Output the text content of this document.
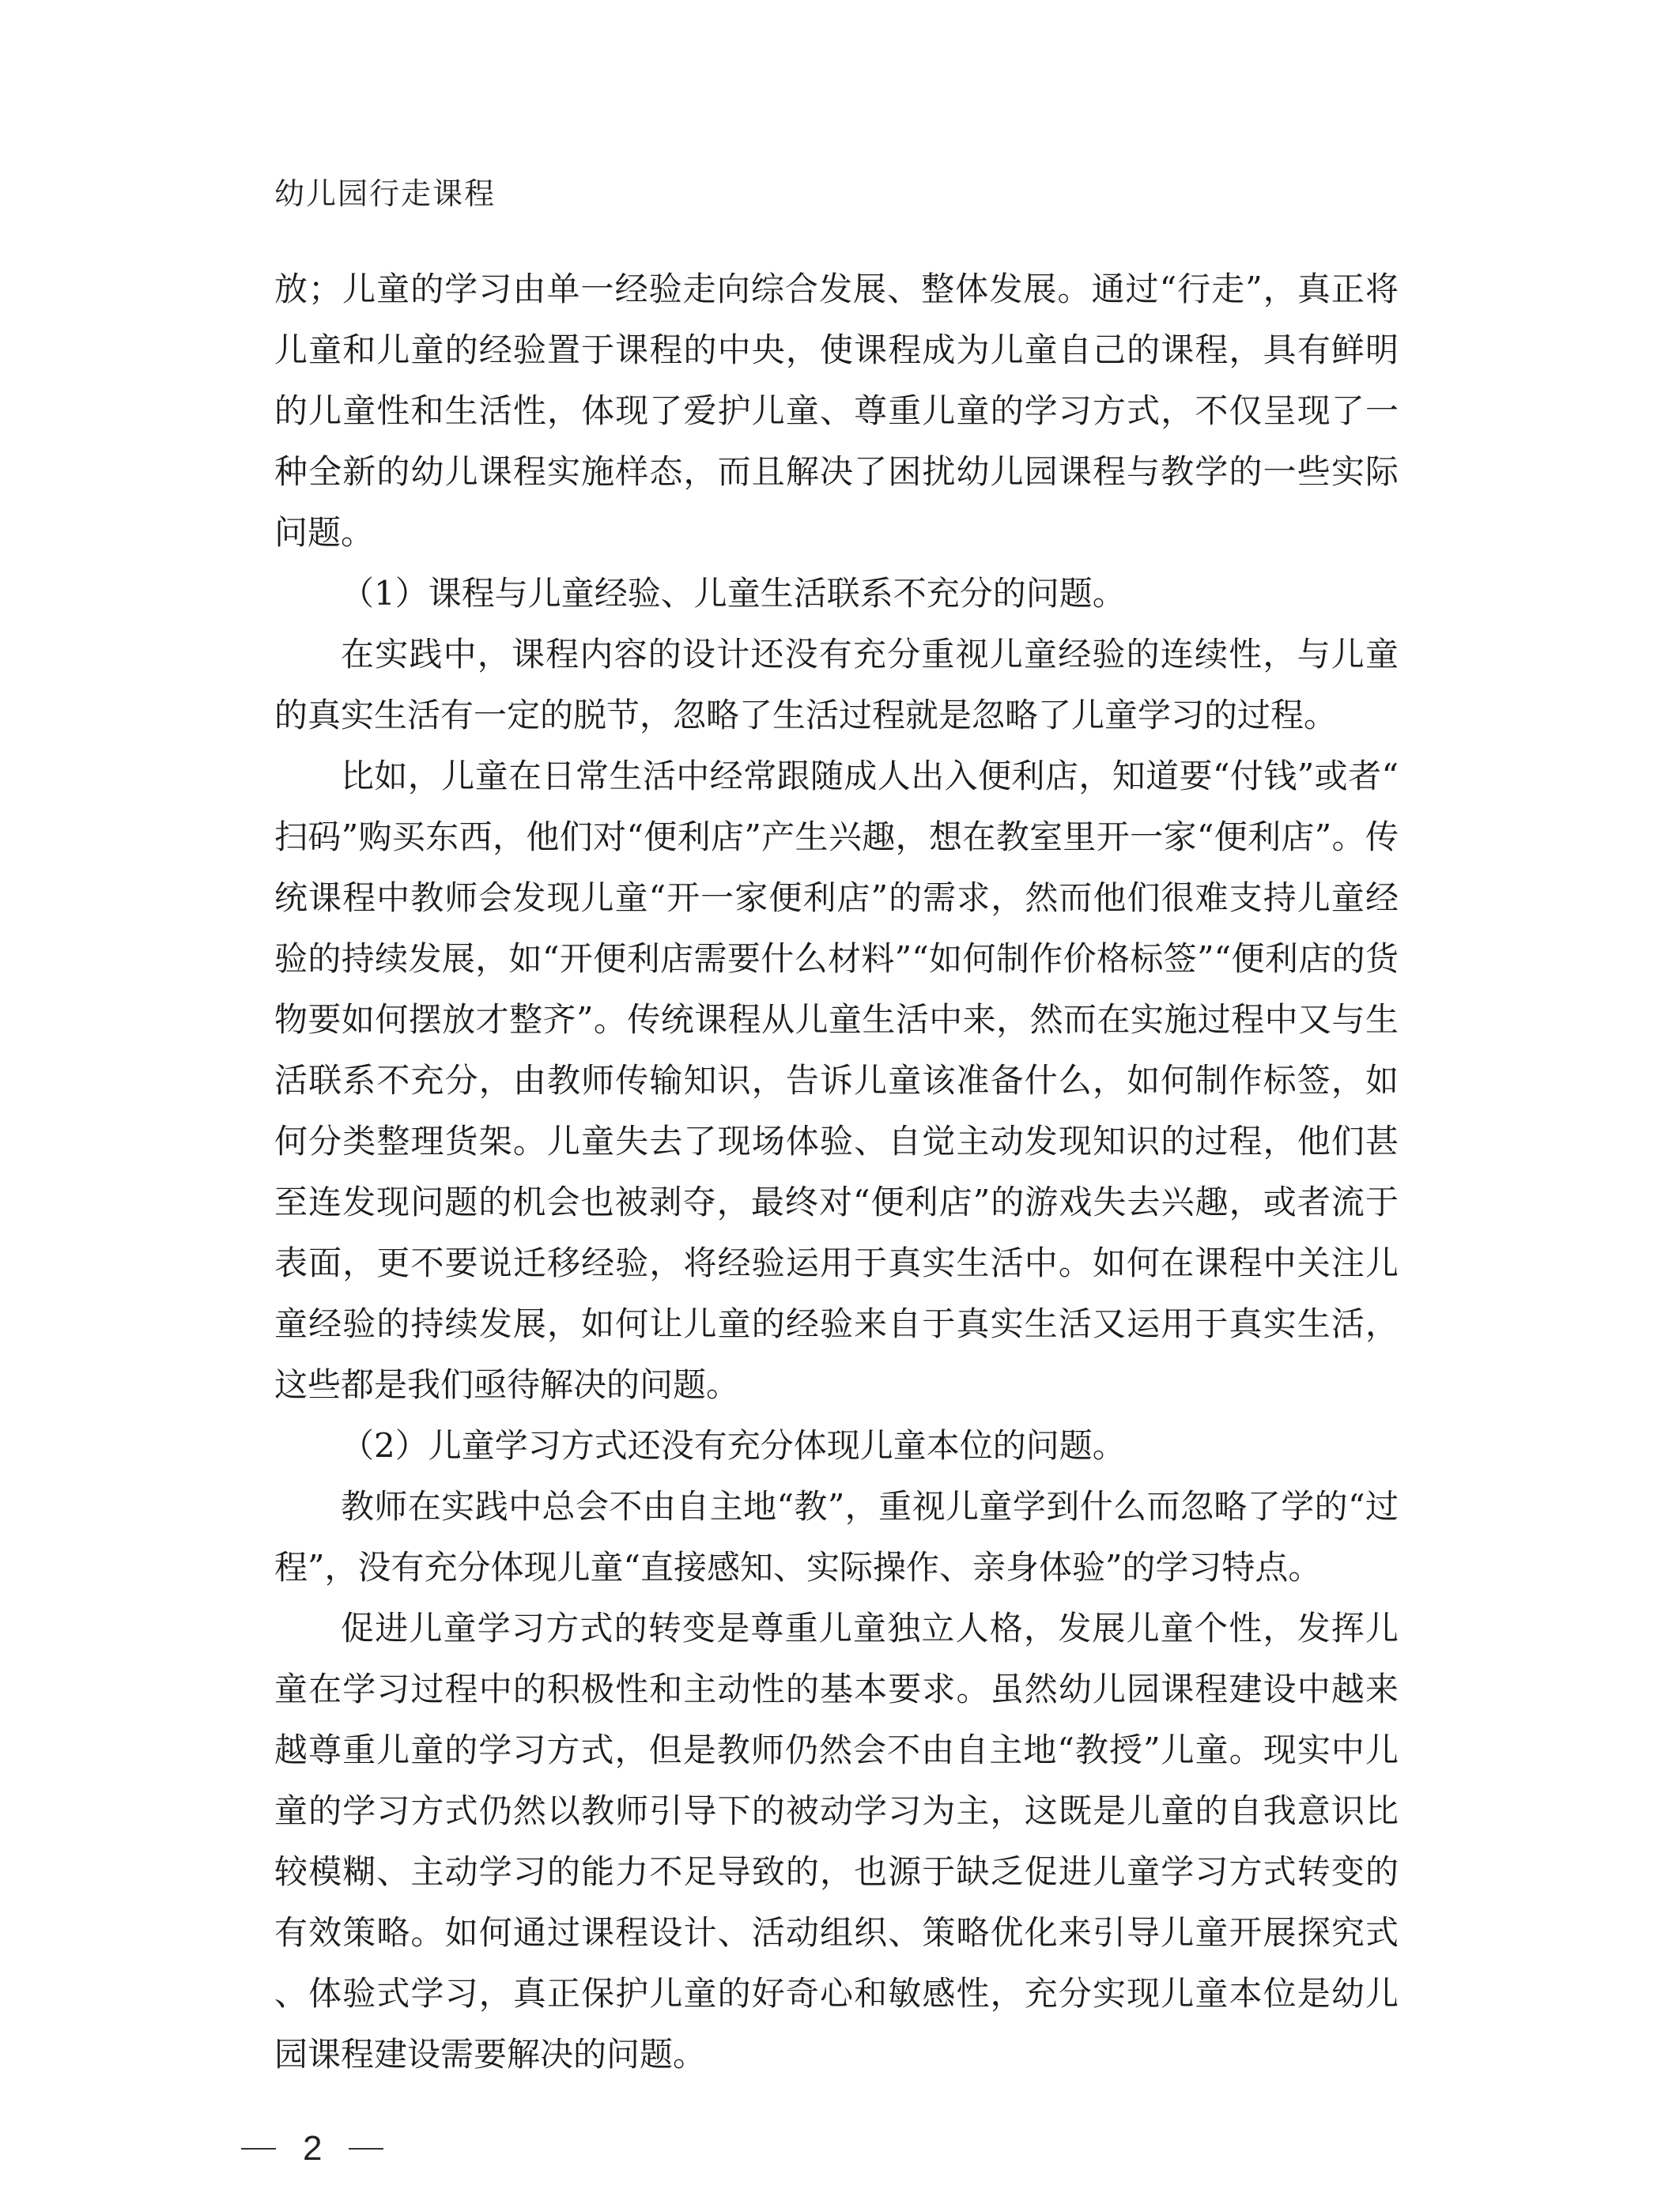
幼儿园行走课程

放；儿童的学习由单一经验走向综合发展、整体发展。通过“行走”，真正将儿童和儿童的经验置于课程的中央，使课程成为儿童自己的课程，具有鲜明的儿童性和生活性，体现了爱护儿童、尊重儿童的学习方式，不仅呈现了一种全新的幼儿课程实施样态，而且解决了困扰幼儿园课程与教学的一些实际问题。

（1）课程与儿童经验、儿童生活联系不充分的问题。

在实践中，课程内容的设计还没有充分重视儿童经验的连续性，与儿童的真实生活有一定的脱节，忽略了生活过程就是忽略了儿童学习的过程。

比如，儿童在日常生活中经常跟随成人出入便利店，知道要“付钱”或者“扫码”购买东西，他们对“便利店”产生兴趣，想在教室里开一家“便利店”。传统课程中教师会发现儿童“开一家便利店”的需求，然而他们很难支持儿童经验的持续发展，如“开便利店需要什么材料”“如何制作价格标签”“便利店的货物要如何摆放才整齐”。传统课程从儿童生活中来，然而在实施过程中又与生活联系不充分，由教师传输知识，告诉儿童该准备什么，如何制作标签，如何分类整理货架。儿童失去了现场体验、自觉主动发现知识的过程，他们甚至连发现问题的机会也被剥夺，最终对“便利店”的游戏失去兴趣，或者流于表面，更不要说迁移经验，将经验运用于真实生活中。如何在课程中关注儿童经验的持续发展，如何让儿童的经验来自于真实生活又运用于真实生活，这些都是我们亟待解决的问题。

（2）儿童学习方式还没有充分体现儿童本位的问题。

教师在实践中总会不由自主地“教”，重视儿童学到什么而忽略了学的“过程”，没有充分体现儿童“直接感知、实际操作、亲身体验”的学习特点。

促进儿童学习方式的转变是尊重儿童独立人格，发展儿童个性，发挥儿童在学习过程中的积极性和主动性的基本要求。虽然幼儿园课程建设中越来越尊重儿童的学习方式，但是教师仍然会不由自主地“教授”儿童。现实中儿童的学习方式仍然以教师引导下的被动学习为主，这既是儿童的自我意识比较模糊、主动学习的能力不足导致的，也源于缺乏促进儿童学习方式转变的有效策略。如何通过课程设计、活动组织、策略优化来引导儿童开展探究式、体验式学习，真正保护儿童的好奇心和敏感性，充分实现儿童本位是幼儿园课程建设需要解决的问题。

2
